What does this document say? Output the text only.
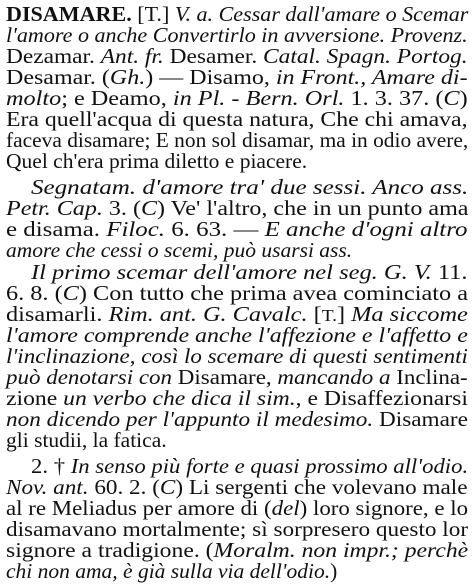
DISAMARE. [T.] V. a. Cessar dall'amare o Scemar
l'amore o anche Convertirlo in avversione. Provenz.
Dezamar. Ant. fr. Desamer. Catal. Spagn. Portog.
Desamar. (Gh.) — Disamo, in Front., Amare di-
molto; e Deamo, in Pl. - Bern. Orl. 1. 3. 37. (C)
Era quell'acqua di questa natura, Che chi amava,
faceva disamare; E non sol disamar, ma in odio avere,
Quel ch'era prima diletto e piacere.
Segnatam. d'amore tra' due sessi. Anco ass.
Petr. Cap. 3. (C) Ve' l'altro, che in un punto ama
e disama. Filoc. 6. 63. — E anche d'ogni altro
amore che cessi o scemi, può usarsi ass.
Il primo scemar dell'amore nel seg. G. V. 11.
6. 8. (C) Con tutto che prima avea cominciato a
disamarli. Rim. ant. G. Cavalc. [T.] Ma siccome
l'amore comprende anche l'affezione e l'affetto e
l'inclinazione, così lo scemare di questi sentimenti
può denotarsi con Disamare, mancando a Inclina-
zione un verbo che dica il sim., e Disaffezionarsi
non dicendo per l'appunto il medesimo. Disamare
gli studii, la fatica.
2. † In senso più forte e quasi prossimo all'odio.
Nov. ant. 60. 2. (C) Li sergenti che volevano male
al re Meliadus per amore di (del) loro signore, e lo
disamavano mortalmente; sì sorpresero questo lor
signore a tradigione. (Moralm. non impr.; perchè
chi non ama, è già sulla via dell'odio.)
